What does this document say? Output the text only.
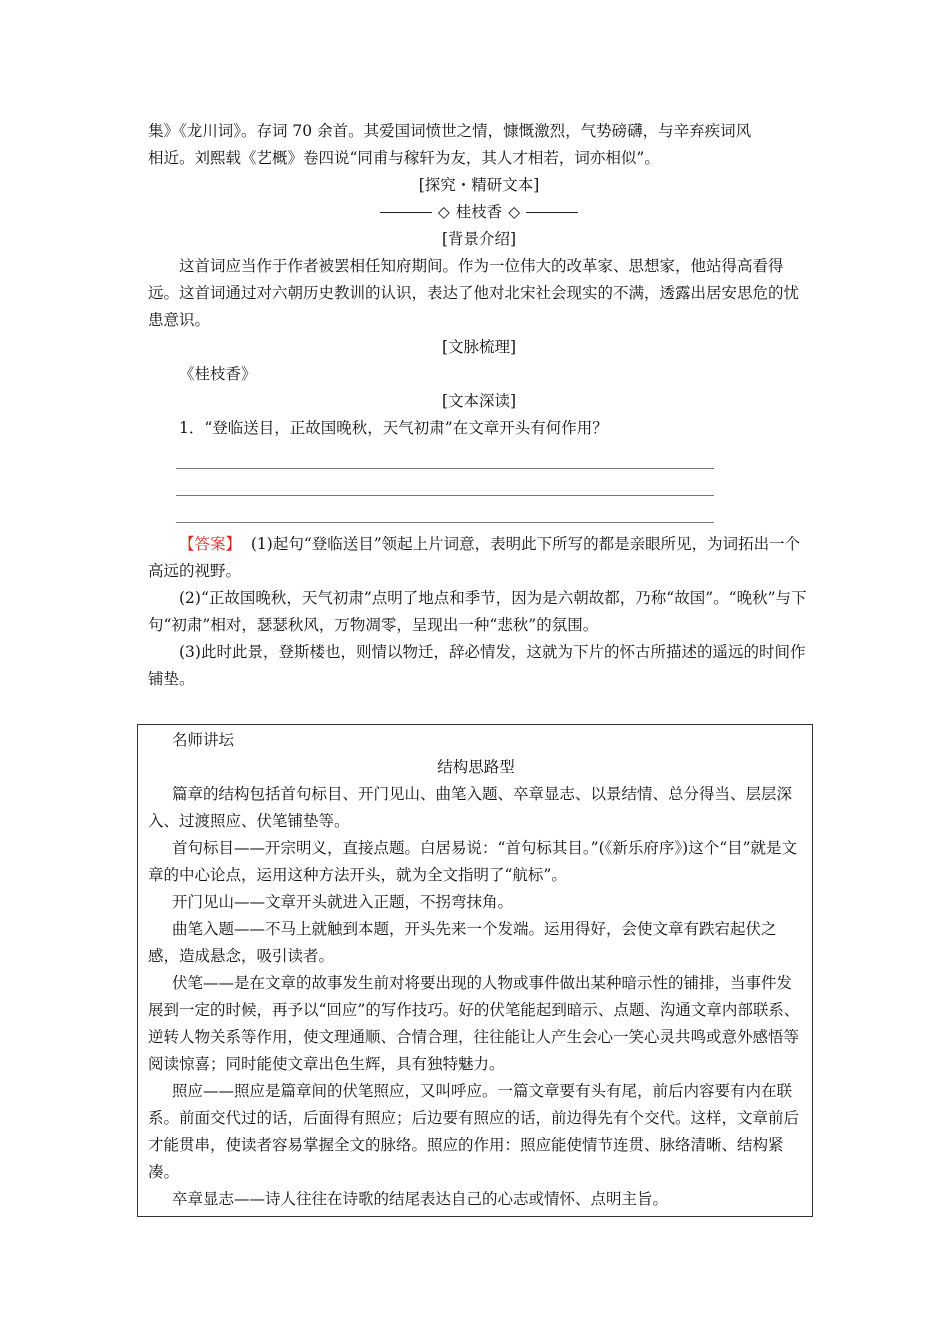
集》《龙川词》。存词 70 余首。其爱国词愤世之情，慷慨激烈，气势磅礴，与辛弃疾词风

相近。刘熙载《艺概》卷四说“同甫与稼轩为友，其人才相若，词亦相似”。

[探究・精研文本]

◇ 桂枝香 ◇

[背景介绍]

这首词应当作于作者被罢相任知府期间。作为一位伟大的改革家、思想家，他站得高看得远。这首词通过对六朝历史教训的认识，表达了他对北宋社会现实的不满，透露出居安思危的忧患意识。

[文脉梳理]

《桂枝香》

[文本深读]

1．“登临送目，正故国晚秋，天气初肃”在文章开头有何作用？

【答案】 (1)起句“登临送目”领起上片词意，表明此下所写的都是亲眼所见，为词拓出一个高远的视野。

(2)“正故国晚秋，天气初肃”点明了地点和季节，因为是六朝故都，乃称“故国”。“晚秋”与下句“初肃”相对，瑟瑟秋风，万物凋零，呈现出一种“悲秋”的氛围。

(3)此时此景，登斯楼也，则情以物迁，辞必情发，这就为下片的怀古所描述的遥远的时间作铺垫。

名师讲坛

结构思路型

篇章的结构包括首句标目、开门见山、曲笔入题、卒章显志、以景结情、总分得当、层层深入、过渡照应、伏笔铺垫等。

首句标目——开宗明义，直接点题。白居易说：“首句标其目。”(《新乐府序》)这个“目”就是文章的中心论点，运用这种方法开头，就为全文指明了“航标”。

开门见山——文章开头就进入正题，不拐弯抹角。

曲笔入题——不马上就触到本题，开头先来一个发端。运用得好，会使文章有跌宕起伏之感，造成悬念，吸引读者。

伏笔——是在文章的故事发生前对将要出现的人物或事件做出某种暗示性的铺排，当事件发展到一定的时候，再予以“回应”的写作技巧。好的伏笔能起到暗示、点题、沟通文章内部联系、逆转人物关系等作用，使文理通顺、合情合理，往往能让人产生会心一笑心灵共鸣或意外感悟等阅读惊喜；同时能使文章出色生辉，具有独特魅力。

照应——照应是篇章间的伏笔照应，又叫呼应。一篇文章要有头有尾，前后内容要有内在联系。前面交代过的话，后面得有照应；后边要有照应的话，前边得先有个交代。这样，文章前后才能贯串，使读者容易掌握全文的脉络。照应的作用：照应能使情节连贯、脉络清晰、结构紧凑。

卒章显志——诗人往往在诗歌的结尾表达自己的心志或情怀、点明主旨。
